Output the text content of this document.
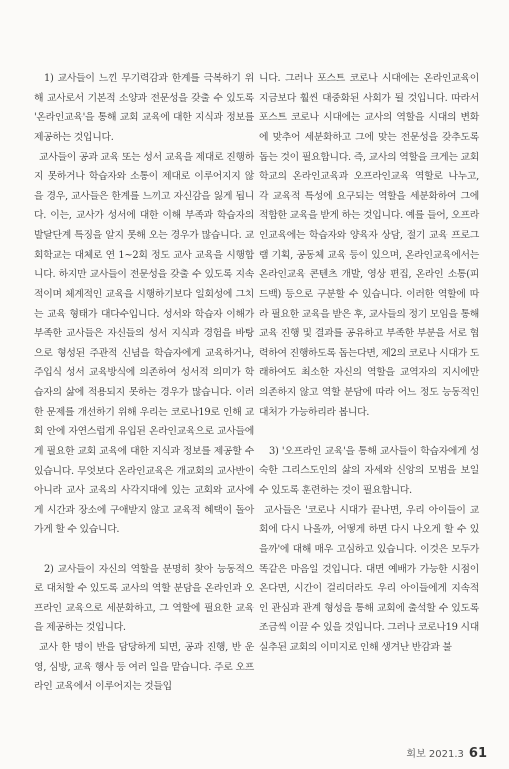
1) 교사들이 느낀 무기력감과 한계를 극복하기 위해 교사로서 기본적 소양과 전문성을 갖출 수 있도록 '온라인교육'을 통해 교회 교육에 대한 지식과 정보를 제공하는 것입니다.

교사들이 공과 교육 또는 성서 교육을 제대로 진행하지 못하거나 학습자와 소통이 제대로 이루어지지 않을 경우, 교사들은 한계를 느끼고 자신감을 잃게 됩니다. 이는, 교사가 성서에 대한 이해 부족과 학습자의 발달단계 특징을 알지 못해 오는 경우가 많습니다. 교회학교는 대체로 연 1~2회 정도 교사 교육을 시행합니다. 하지만 교사들이 전문성을 갖출 수 있도록 지속적이며 체계적인 교육을 시행하기보다 일회성에 그치는 교육 형태가 대다수입니다. 성서와 학습자 이해가 부족한 교사들은 자신들의 성서 지식과 경험을 바탕으로 형성된 주관적 신념을 학습자에게 교육하거나, 주입식 성서 교육방식에 의존하여 성서적 의미가 학습자의 삶에 적용되지 못하는 경우가 많습니다. 이러한 문제를 개선하기 위해 우리는 코로나19로 인해 교회 안에 자연스럽게 유입된 온라인교육으로 교사들에게 필요한 교회 교육에 대한 지식과 정보를 제공할 수 있습니다. 무엇보다 온라인교육은 개교회의 교사반이 아니라 교사 교육의 사각지대에 있는 교회와 교사에게 시간과 장소에 구애받지 않고 교육적 혜택이 돌아가게 할 수 있습니다.

2) 교사들이 자신의 역할을 분명히 찾아 능동적으로 대처할 수 있도록 교사의 역할 분담을 온라인과 오프라인 교육으로 세분화하고, 그 역할에 필요한 교육을 제공하는 것입니다.

교사 한 명이 반을 담당하게 되면, 공과 진행, 반 운영, 심방, 교육 행사 등 여러 일을 맡습니다. 주로 오프라인 교육에서 이루어지는 것들입

니다. 그러나 포스트 코로나 시대에는 온라인교육이 지금보다 훨씬 대중화된 사회가 될 것입니다. 따라서 포스트 코로나 시대에는 교사의 역할을 시대의 변화에 맞추어 세분화하고 그에 맞는 전문성을 갖추도록 돕는 것이 필요합니다. 즉, 교사의 역할을 크게는 교회학교의 온라인교육과 오프라인교육 역할로 나누고, 각 교육적 특성에 요구되는 역할을 세분화하여 그에 적합한 교육을 받게 하는 것입니다. 예를 들어, 오프라인교육에는 학습자와 양육자 상담, 절기 교육 프로그램 기획, 공동체 교육 등이 있으며, 온라인교육에서는 온라인교육 콘텐츠 개발, 영상 편집, 온라인 소통(피드백) 등으로 구분할 수 있습니다. 이러한 역할에 따라 필요한 교육을 받은 후, 교사들의 정기 모임을 통해 교육 진행 및 결과를 공유하고 부족한 부분을 서로 협력하여 진행하도록 돕는다면, 제2의 코로나 시대가 도래하여도 최소한 자신의 역할을 교역자의 지시에만 의존하지 않고 역할 분담에 따라 어느 정도 능동적인 대처가 가능하리라 봅니다.

3) '오프라인 교육'을 통해 교사들이 학습자에게 성숙한 그리스도인의 삶의 자세와 신앙의 모범을 보일 수 있도록 훈련하는 것이 필요합니다.

교사들은 '코로나 시대가 끝나면, 우리 아이들이 교회에 다시 나올까, 어떻게 하면 다시 나오게 할 수 있을까'에 대해 매우 고심하고 있습니다. 이것은 모두가 똑같은 마음일 것입니다. 대면 예배가 가능한 시점이 온다면, 시간이 걸리더라도 우리 아이들에게 지속적인 관심과 관계 형성을 통해 교회에 출석할 수 있도록 조금씩 이끌 수 있을 것입니다. 그러나 코로나19 시대 실추된 교회의 이미지로 인해 생겨난 반감과 불

회보 2021.3 61
